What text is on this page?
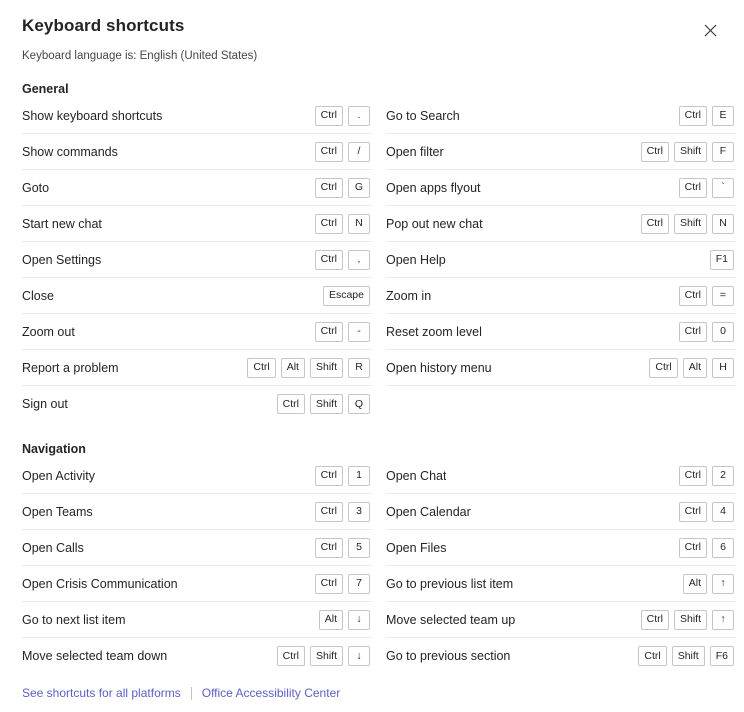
Keyboard shortcuts
Keyboard language is: English (United States)
General
Show keyboard shortcuts	Ctrl	.
Show commands	Ctrl	/
Goto	Ctrl	G
Start new chat	Ctrl	N
Open Settings	Ctrl	,
Close	Escape
Zoom out	Ctrl	-
Report a problem	Ctrl	Alt	Shift	R
Sign out	Ctrl	Shift	Q
Go to Search	Ctrl	E
Open filter	Ctrl	Shift	F
Open apps flyout	Ctrl	`
Pop out new chat	Ctrl	Shift	N
Open Help	F1
Zoom in	Ctrl	=
Reset zoom level	Ctrl	0
Open history menu	Ctrl	Alt	H
Navigation
Open Activity	Ctrl	1
Open Teams	Ctrl	3
Open Calls	Ctrl	5
Open Crisis Communication	Ctrl	7
Go to next list item	Alt	↓
Move selected team down	Ctrl	Shift	↓
Open Chat	Ctrl	2
Open Calendar	Ctrl	4
Open Files	Ctrl	6
Go to previous list item	Alt	↑
Move selected team up	Ctrl	Shift	↑
Go to previous section	Ctrl	Shift	F6
See shortcuts for all platforms Office Accessibility Center
